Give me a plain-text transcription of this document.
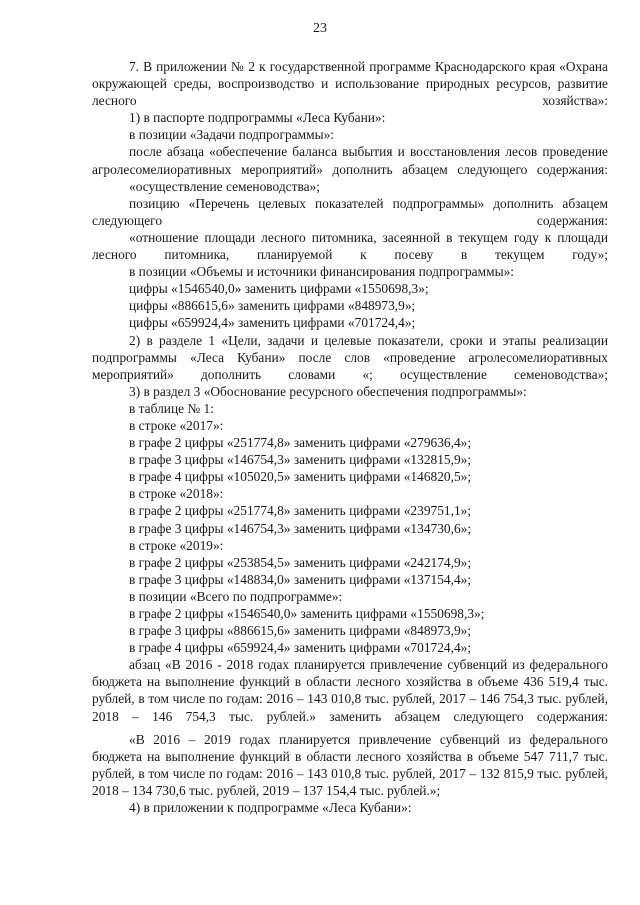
23

7. В приложении № 2 к государственной программе Краснодарского края «Охрана окружающей среды, воспроизводство и использование природных ресурсов, развитие лесного хозяйства»:

1) в паспорте подпрограммы «Леса Кубани»:

в позиции «Задачи подпрограммы»:

после абзаца «обеспечение баланса выбытия и восстановления лесов проведение агролесомелиоративных мероприятий» дополнить абзацем следующего содержания:

«осуществление семеноводства»;

позицию «Перечень целевых показателей подпрограммы» дополнить абзацем следующего содержания:

«отношение площади лесного питомника, засеянной в текущем году к площади лесного питомника, планируемой к посеву в текущем году»;

в позиции «Объемы и источники финансирования подпрограммы»:

цифры «1546540,0» заменить цифрами «1550698,3»;

цифры «886615,6» заменить цифрами «848973,9»;

цифры «659924,4» заменить цифрами «701724,4»;

2) в разделе 1 «Цели, задачи и целевые показатели, сроки и этапы реализации подпрограммы «Леса Кубани» после слов «проведение агролесомелиоративных мероприятий» дополнить словами «; осуществление семеноводства»;

3) в раздел 3 «Обоснование ресурсного обеспечения подпрограммы»:

в таблице № 1:

в строке «2017»:

в графе 2 цифры «251774,8» заменить цифрами «279636,4»;

в графе 3 цифры «146754,3» заменить цифрами «132815,9»;

в графе 4 цифры «105020,5» заменить цифрами «146820,5»;

в строке «2018»:

в графе 2 цифры «251774,8» заменить цифрами «239751,1»;

в графе 3 цифры «146754,3» заменить цифрами «134730,6»;

в строке «2019»:

в графе 2 цифры «253854,5» заменить цифрами «242174,9»;

в графе 3 цифры «148834,0» заменить цифрами «137154,4»;

в позиции «Всего по подпрограмме»:

в графе 2 цифры «1546540,0» заменить цифрами «1550698,3»;

в графе 3 цифры «886615,6» заменить цифрами «848973,9»;

в графе 4 цифры «659924,4» заменить цифрами «701724,4»;

абзац «В 2016 - 2018 годах планируется привлечение субвенций из федерального бюджета на выполнение функций в области лесного хозяйства в объеме 436 519,4 тыс. рублей, в том числе по годам: 2016 – 143 010,8 тыс. рублей, 2017 – 146 754,3 тыс. рублей, 2018 – 146 754,3 тыс. рублей.» заменить абзацем следующего содержания:

«В 2016 – 2019 годах планируется привлечение субвенций из федерального бюджета на выполнение функций в области лесного хозяйства в объеме 547 711,7 тыс. рублей, в том числе по годам: 2016 – 143 010,8 тыс. рублей, 2017 – 132 815,9 тыс. рублей, 2018 – 134 730,6 тыс. рублей, 2019 – 137 154,4 тыс. рублей.»;

4) в приложении к подпрограмме «Леса Кубани»:
